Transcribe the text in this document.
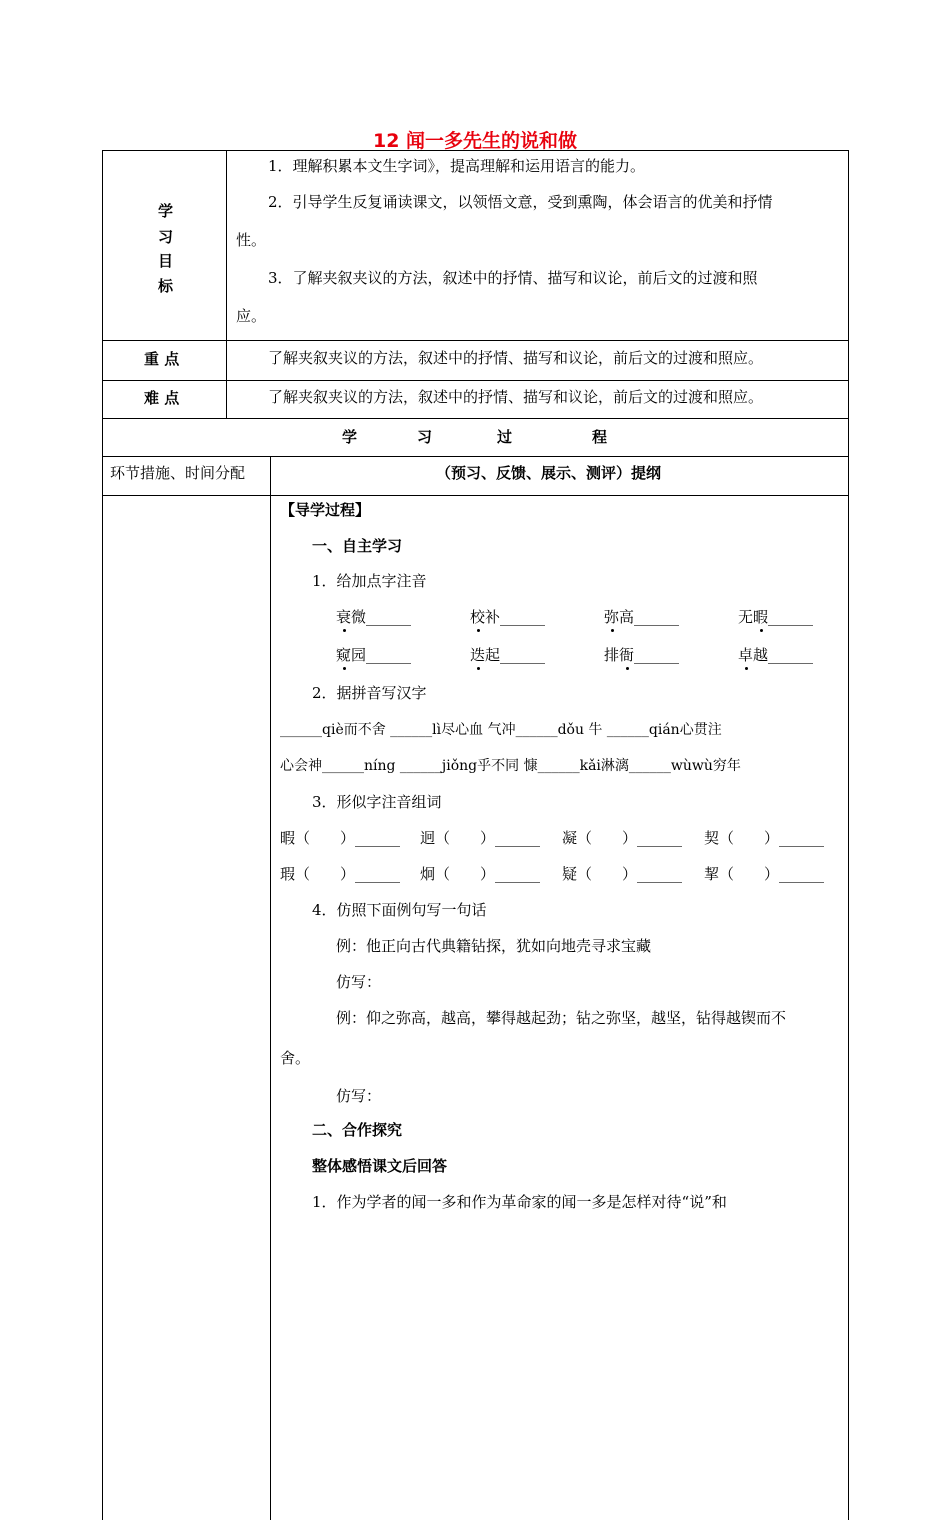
12 闻一多先生的说和做
学
习
目
标
1．理解积累本文生字词》，提高理解和运用语言的能力。
2．引导学生反复诵读课文，以领悟文意，受到熏陶，体会语言的优美和抒情
性。
3．了解夹叙夹议的方法，叙述中的抒情、描写和议论，前后文的过渡和照
应。
重 点	了解夹叙夹议的方法，叙述中的抒情、描写和议论，前后文的过渡和照应。
难 点	了解夹叙夹议的方法，叙述中的抒情、描写和议论，前后文的过渡和照应。
学	习	过	程
环节措施、时间分配	（预习、反馈、展示、测评）提纲
【导学过程】
一、自主学习
1．给加点字注音
衰微______	校补______	弥高______	无暇______
窥园______	迭起______	排衙______	卓越______
2．据拼音写汉字
______qiè而不舍 ______lì尽心血 气冲______dǒu 牛 ______qián心贯注
心会神______níng ______jiǒng乎不同 慷______kǎi淋漓______wùwù穷年
3．形似字注音组词
暇（　　）______ 迥（　　）______ 凝（　　）______ 契（　　）______
瑕（　　）______ 炯（　　）______ 疑（　　）______ 挈（　　）______
4．仿照下面例句写一句话
例：他正向古代典籍钻探，犹如向地壳寻求宝藏
仿写：
例：仰之弥高，越高，攀得越起劲；钻之弥坚，越坚，钻得越锲而不
舍。
仿写：
二、合作探究
整体感悟课文后回答
1．作为学者的闻一多和作为革命家的闻一多是怎样对待“说”和
